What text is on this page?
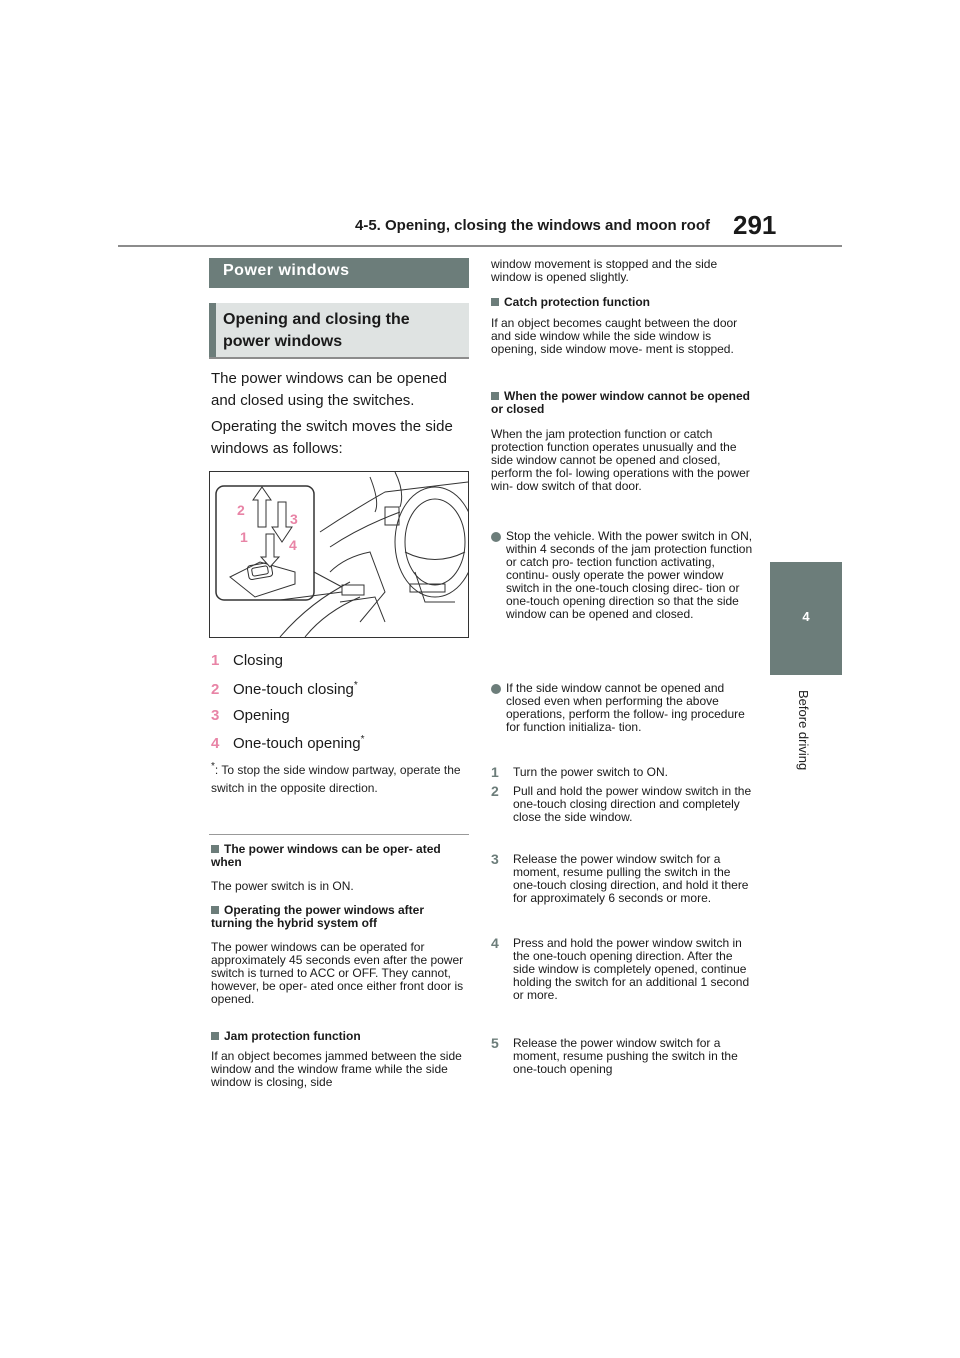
4-5. Opening, closing the windows and moon roof 291
4
Before driving
Power windows
Opening and closing the power windows
The power windows can be opened and closed using the switches.
Operating the switch moves the side windows as follows:
2
1
3
4
1 Closing
2 One-touch closing*
3 Opening
4 One-touch opening*
*: To stop the side window partway, operate the switch in the opposite direction.
The power windows can be oper- ated when
The power switch is in ON.
Operating the power windows after turning the hybrid system off
The power windows can be operated for approximately 45 seconds even after the power switch is turned to ACC or OFF. They cannot, however, be oper- ated once either front door is opened.
Jam protection function
If an object becomes jammed between the side window and the window frame while the side window is closing, side
window movement is stopped and the side window is opened slightly.
Catch protection function
If an object becomes caught between the door and side window while the side window is opening, side window move- ment is stopped.
When the power window cannot be opened or closed
When the jam protection function or catch protection function operates unusually and the side window cannot be opened and closed, perform the fol- lowing operations with the power win- dow switch of that door.
Stop the vehicle. With the power switch in ON, within 4 seconds of the jam protection function or catch pro- tection function activating, continu- ously operate the power window switch in the one-touch closing direc- tion or one-touch opening direction so that the side window can be opened and closed.
If the side window cannot be opened and closed even when performing the above operations, perform the follow- ing procedure for function initializa- tion.
1 Turn the power switch to ON.
2 Pull and hold the power window switch in the one-touch closing direction and completely close the side window.
3 Release the power window switch for a moment, resume pulling the switch in the one-touch closing direction, and hold it there for approximately 6 seconds or more.
4 Press and hold the power window switch in the one-touch opening direction. After the side window is completely opened, continue holding the switch for an additional 1 second or more.
5 Release the power window switch for a moment, resume pushing the switch in the one-touch opening
